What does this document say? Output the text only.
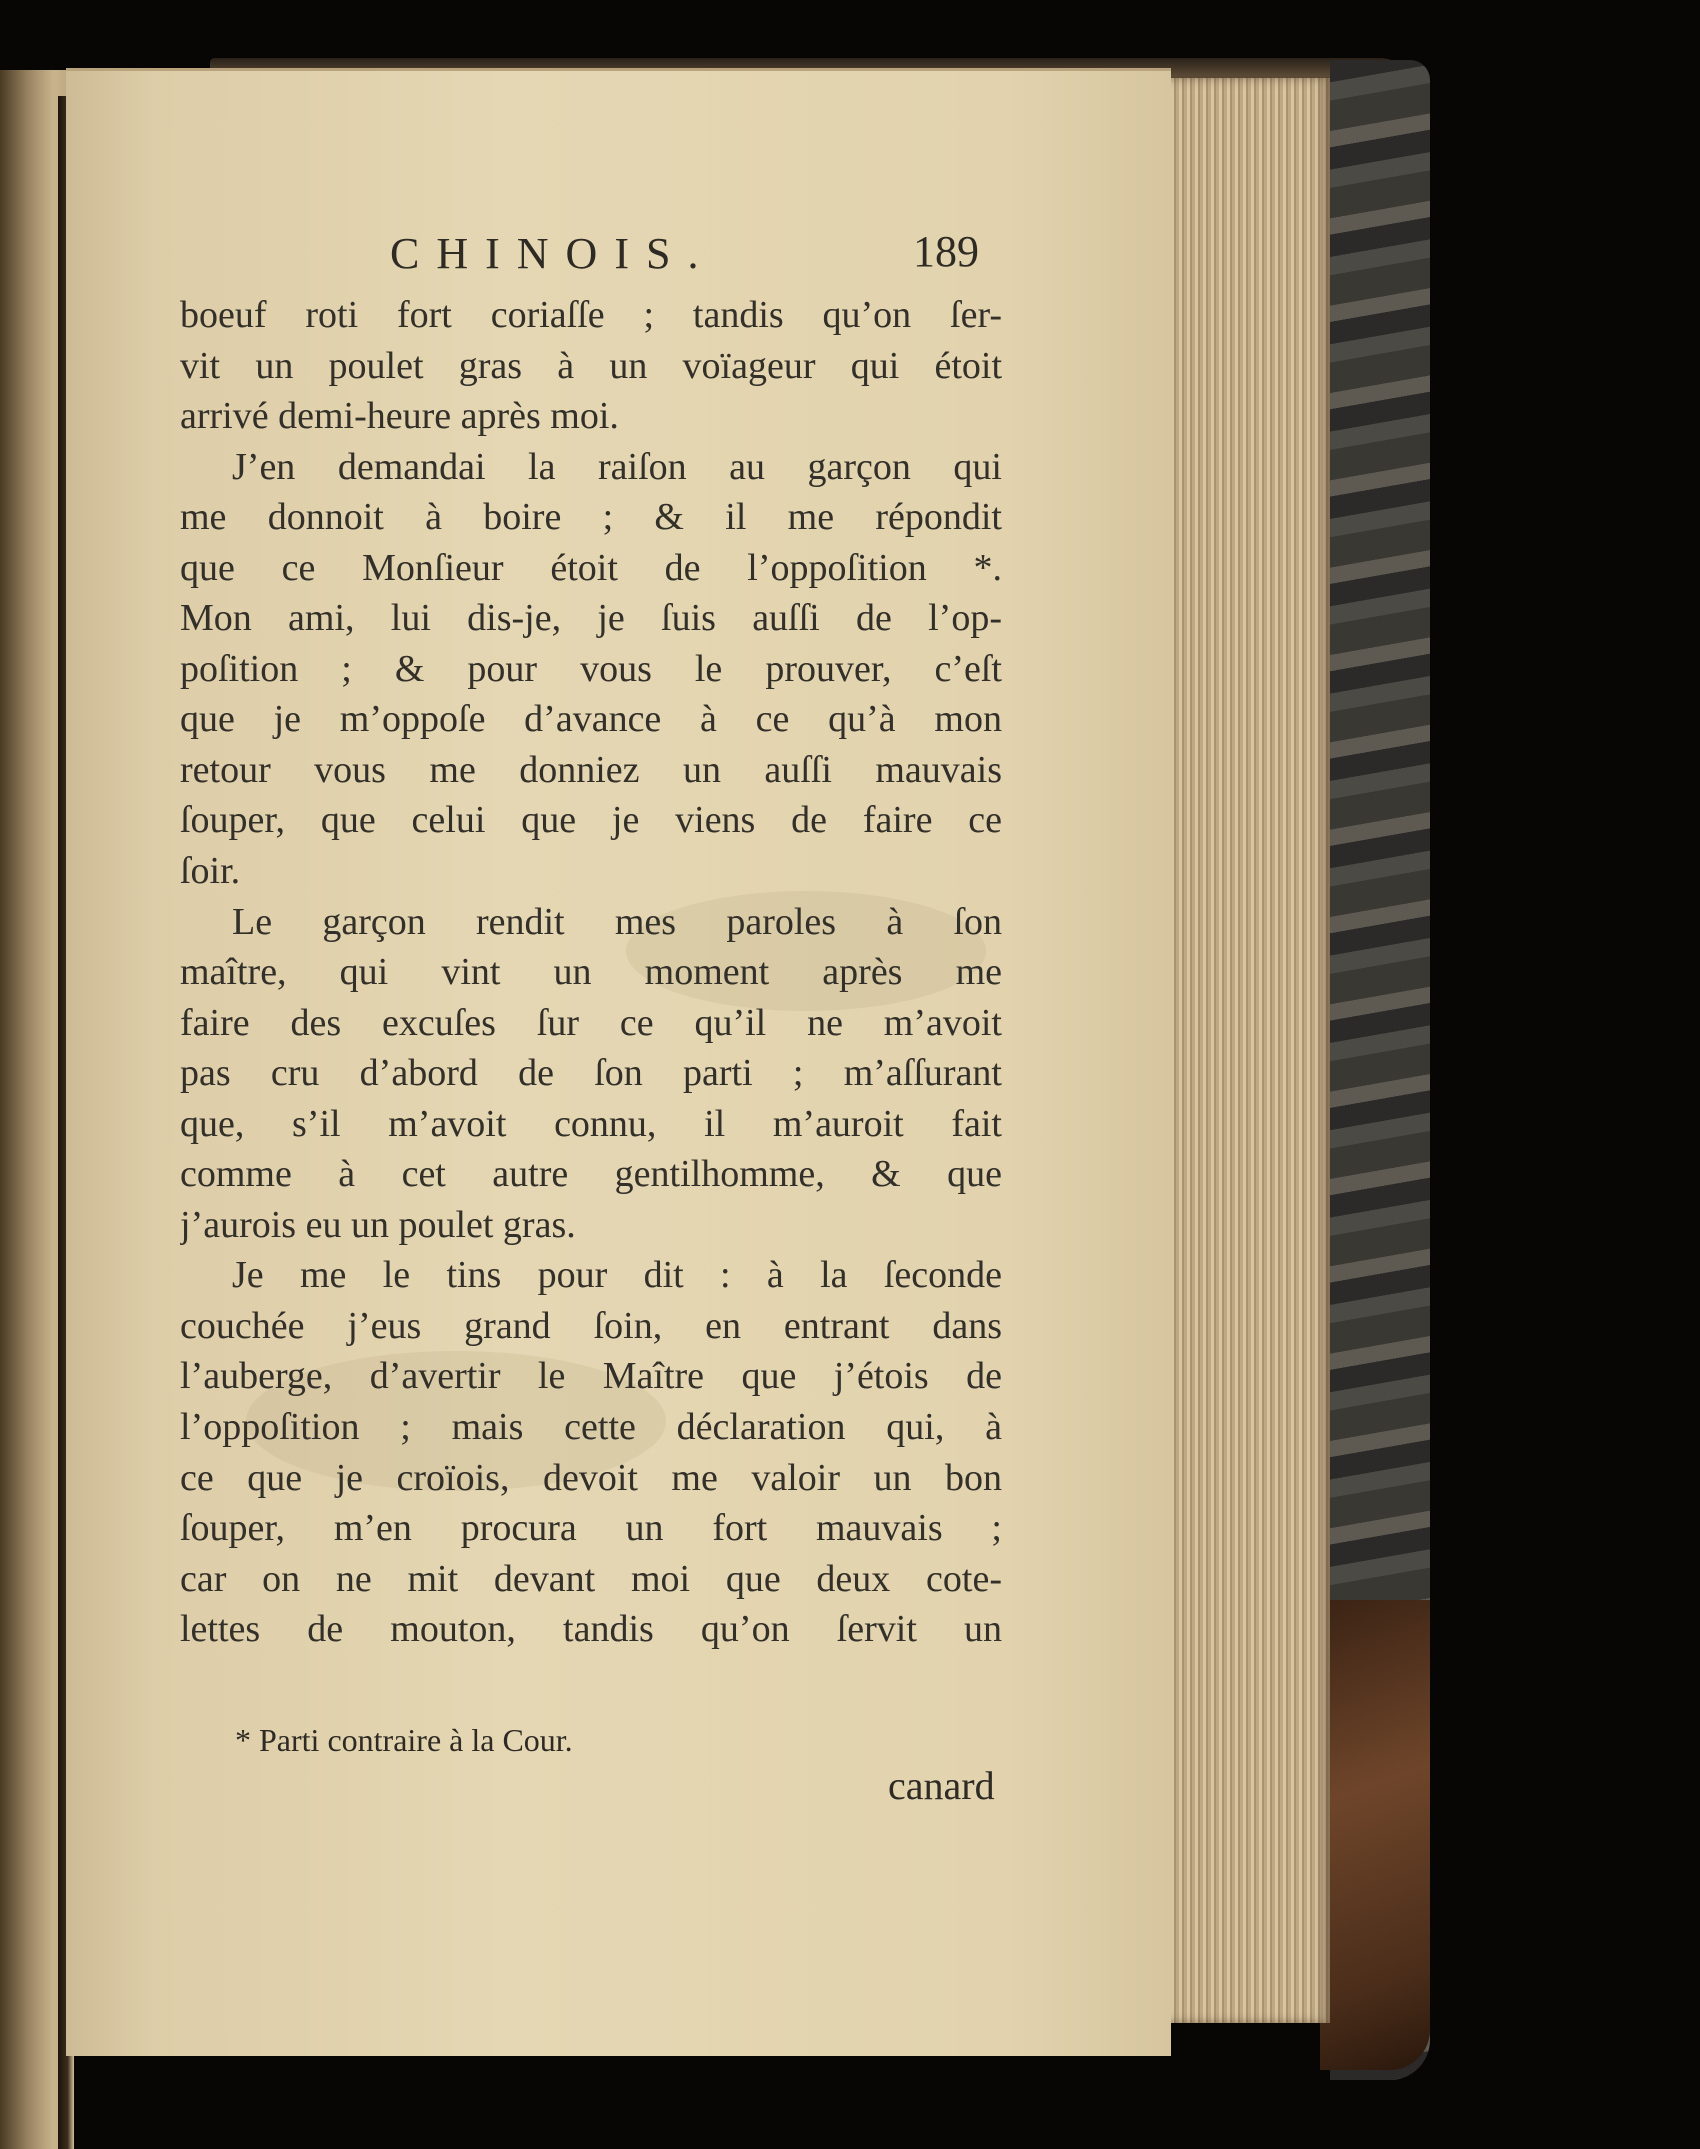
CHINOIS.	189
boeuf roti fort coriaſſe ; tandis qu’on ſer-
vit un poulet gras à un voïageur qui étoit
arrivé demi-heure après moi.
J’en demandai la raiſon au garçon qui
me donnoit à boire ; & il me répondit
que ce Monſieur étoit de l’oppoſition *.
Mon ami, lui dis-je, je ſuis auſſi de l’op-
poſition ; & pour vous le prouver, c’eſt
que je m’oppoſe d’avance à ce qu’à mon
retour vous me donniez un auſſi mauvais
ſouper, que celui que je viens de faire ce
ſoir.
Le garçon rendit mes paroles à ſon
maître, qui vint un moment après me
faire des excuſes ſur ce qu’il ne m’avoit
pas cru d’abord de ſon parti ; m’aſſurant
que, s’il m’avoit connu, il m’auroit fait
comme à cet autre gentilhomme, & que
j’aurois eu un poulet gras.
Je me le tins pour dit : à la ſeconde
couchée j’eus grand ſoin, en entrant dans
l’auberge, d’avertir le Maître que j’étois de
l’oppoſition ; mais cette déclaration qui, à
ce que je croïois, devoit me valoir un bon
ſouper, m’en procura un fort mauvais ;
car on ne mit devant moi que deux cote-
lettes de mouton, tandis qu’on ſervit un
* Parti contraire à la Cour.
canard
